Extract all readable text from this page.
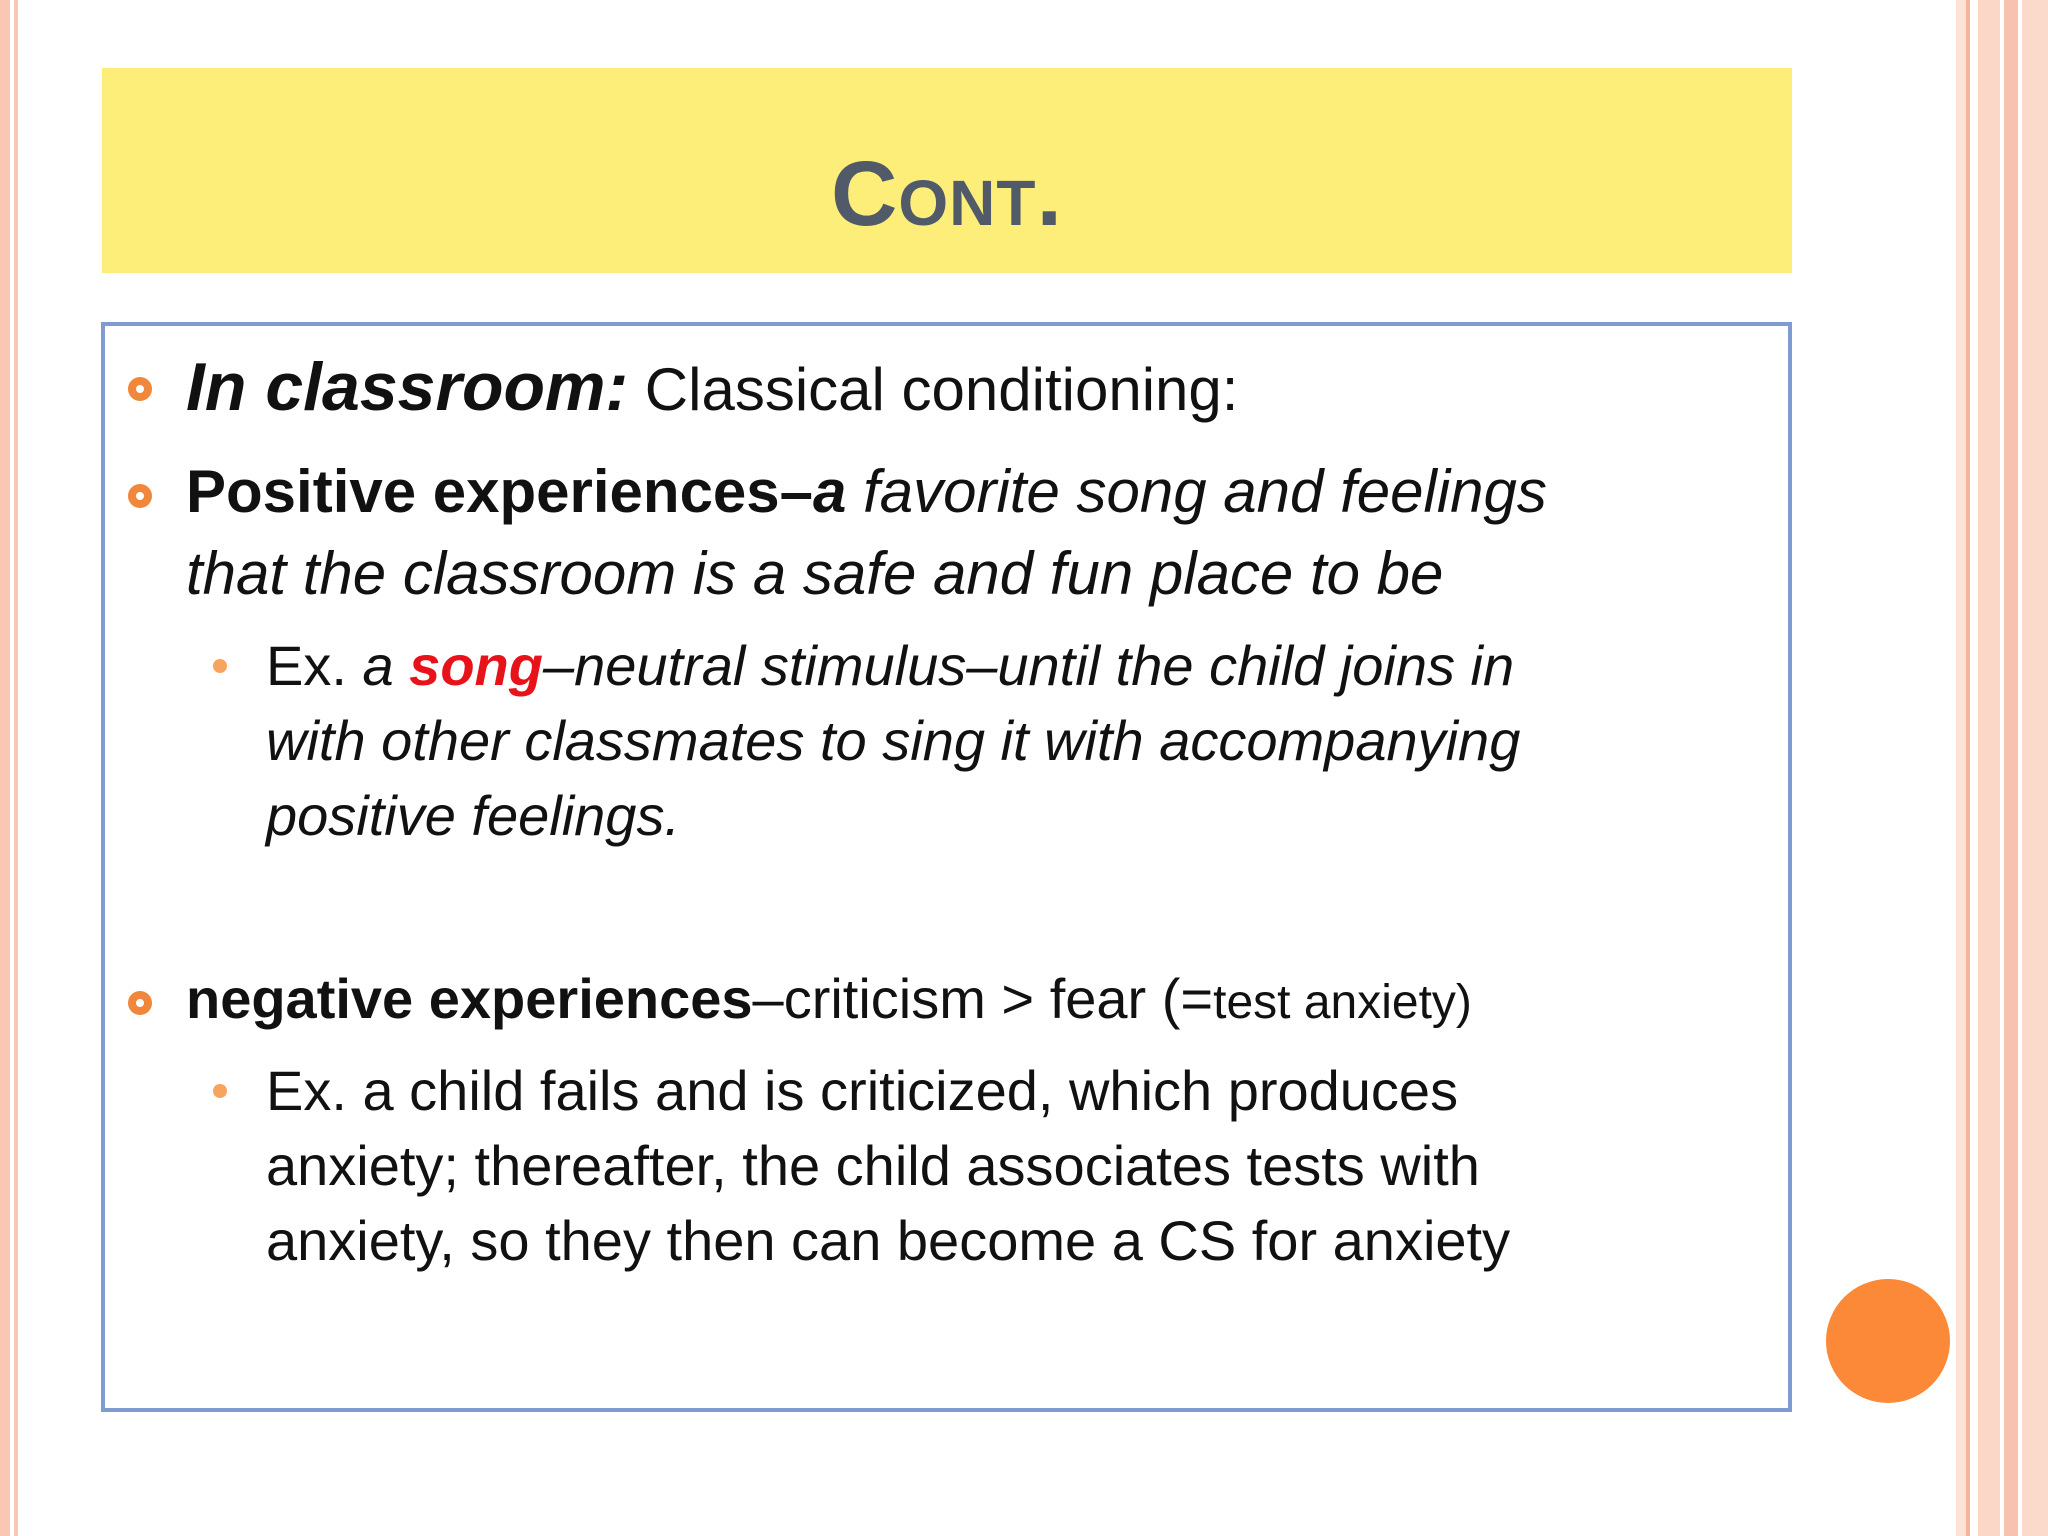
Cont.
In classroom: Classical conditioning:
Positive experiences–a favorite song and feelings
that the classroom is a safe and fun place to be
Ex. a song–neutral stimulus–until the child joins in
with other classmates to sing it with accompanying
positive feelings.
negative experiences–criticism > fear (=test anxiety)
Ex. a child fails and is criticized, which produces
anxiety; thereafter, the child associates tests with
anxiety, so they then can become a CS for anxiety
